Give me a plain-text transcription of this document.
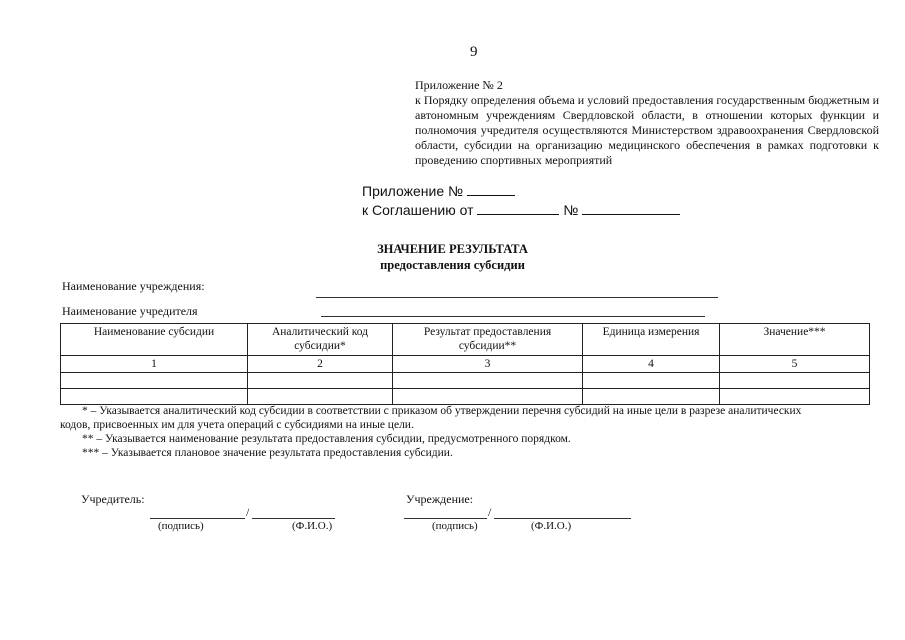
9
Приложение № 2
к Порядку определения объема и условий предоставления государственным бюджетным и автономным учреждениям Свердловской области, в отношении которых функции и полномочия учредителя осуществляются Министерством здравоохранения Свердловской области, субсидии на организацию медицинского обеспечения в рамках подготовки к проведению спортивных мероприятий
Приложение №
к Соглашению от	№
ЗНАЧЕНИЕ РЕЗУЛЬТАТА
предоставления субсидии
Наименование учреждения:
Наименование учредителя
Наименование субсидии	Аналитический код субсидии*	Результат предоставления субсидии**	Единица измерения	Значение***
1	2	3	4	5

* – Указывается аналитический код субсидии в соответствии с приказом об утверждении перечня субсидий на иные цели в разрезе аналитических кодов, присвоенных им для учета операций с субсидиями на иные цели.

** – Указывается наименование результата предоставления субсидии, предусмотренного порядком.

*** – Указывается плановое значение результата предоставления субсидии.

Учредитель:
/
(подпись)	(Ф.И.О.)
Учреждение:
/
(подпись)	(Ф.И.О.)
